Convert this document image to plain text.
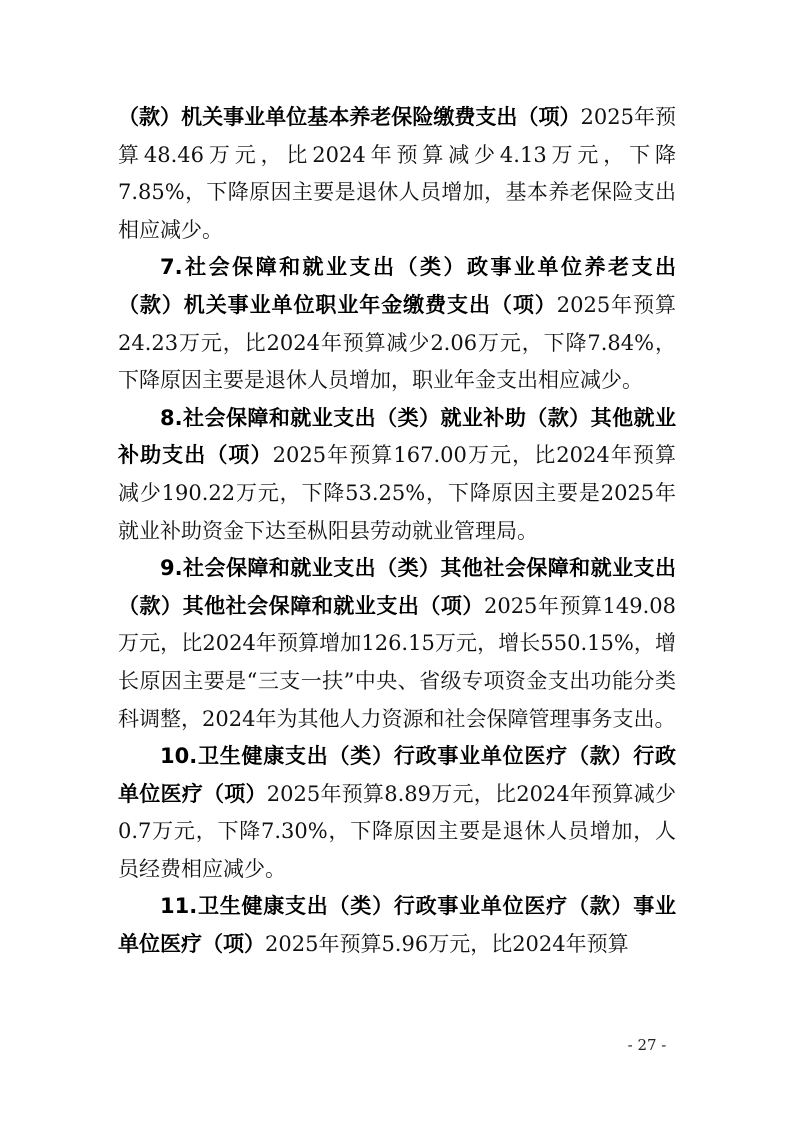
（款）机关事业单位基本养老保险缴费支出（项）2025年预算48.46万元，比2024年预算减少4.13万元，下降7.85%，下降原因主要是退休人员增加，基本养老保险支出相应减少。

7.社会保障和就业支出（类）政事业单位养老支出（款）机关事业单位职业年金缴费支出（项）2025年预算24.23万元，比2024年预算减少2.06万元，下降7.84%，下降原因主要是退休人员增加，职业年金支出相应减少。

8.社会保障和就业支出（类）就业补助（款）其他就业补助支出（项）2025年预算167.00万元，比2024年预算减少190.22万元，下降53.25%，下降原因主要是2025年就业补助资金下达至枞阳县劳动就业管理局。

9.社会保障和就业支出（类）其他社会保障和就业支出（款）其他社会保障和就业支出（项）2025年预算149.08万元，比2024年预算增加126.15万元，增长550.15%，增长原因主要是“三支一扶”中央、省级专项资金支出功能分类科调整，2024年为其他人力资源和社会保障管理事务支出。

10.卫生健康支出（类）行政事业单位医疗（款）行政单位医疗（项）2025年预算8.89万元，比2024年预算减少0.7万元，下降7.30%，下降原因主要是退休人员增加，人员经费相应减少。

11.卫生健康支出（类）行政事业单位医疗（款）事业单位医疗（项）2025年预算5.96万元，比2024年预算

- 27 -
